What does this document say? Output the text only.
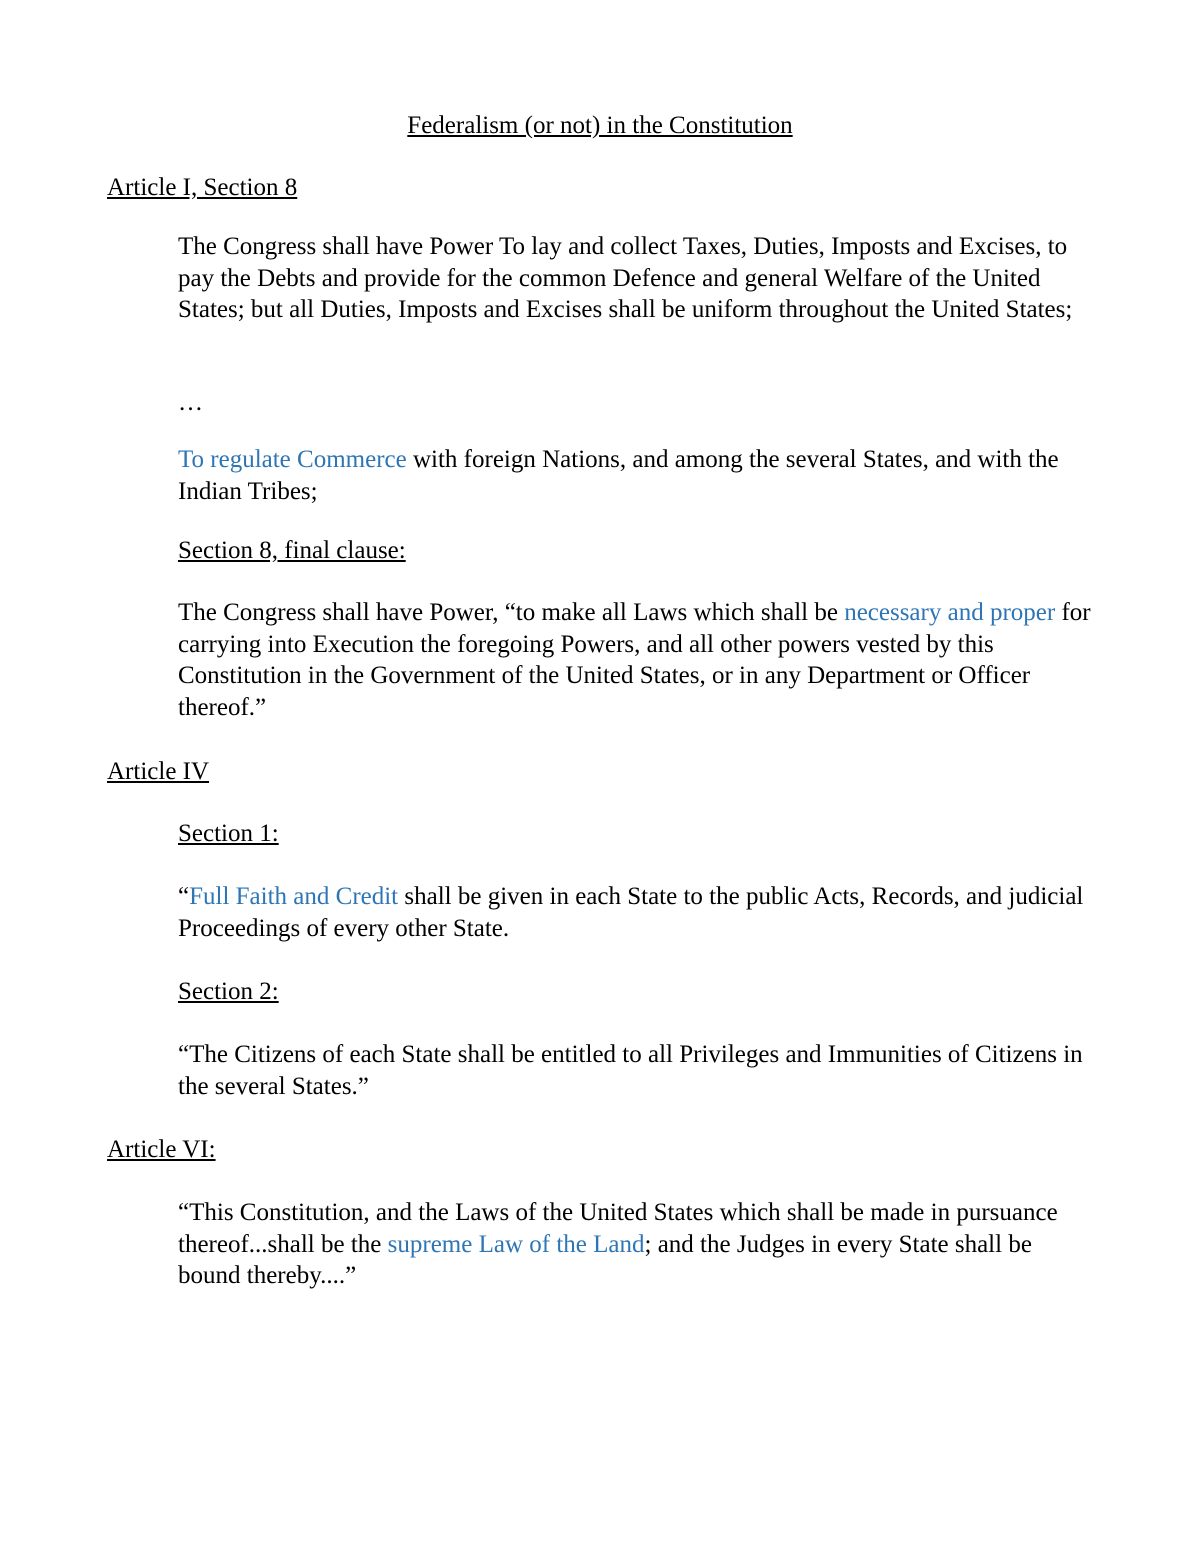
Federalism (or not) in the Constitution
Article I, Section 8

The Congress shall have Power To lay and collect Taxes, Duties, Imposts and Excises, to pay the Debts and provide for the common Defence and general Welfare of the United States; but all Duties, Imposts and Excises shall be uniform throughout the United States;

…

To regulate Commerce with foreign Nations, and among the several States, and with the Indian Tribes;

Section 8, final clause:

The Congress shall have Power, “to make all Laws which shall be necessary and proper for carrying into Execution the foregoing Powers, and all other powers vested by this Constitution in the Government of the United States, or in any Department or Officer thereof.”

Article IV
Section 1:

“Full Faith and Credit shall be given in each State to the public Acts, Records, and judicial Proceedings of every other State.

Section 2:

“The Citizens of each State shall be entitled to all Privileges and Immunities of Citizens in the several States.”

Article VI:

“This Constitution, and the Laws of the United States which shall be made in pursuance thereof...shall be the supreme Law of the Land; and the Judges in every State shall be bound thereby....”
